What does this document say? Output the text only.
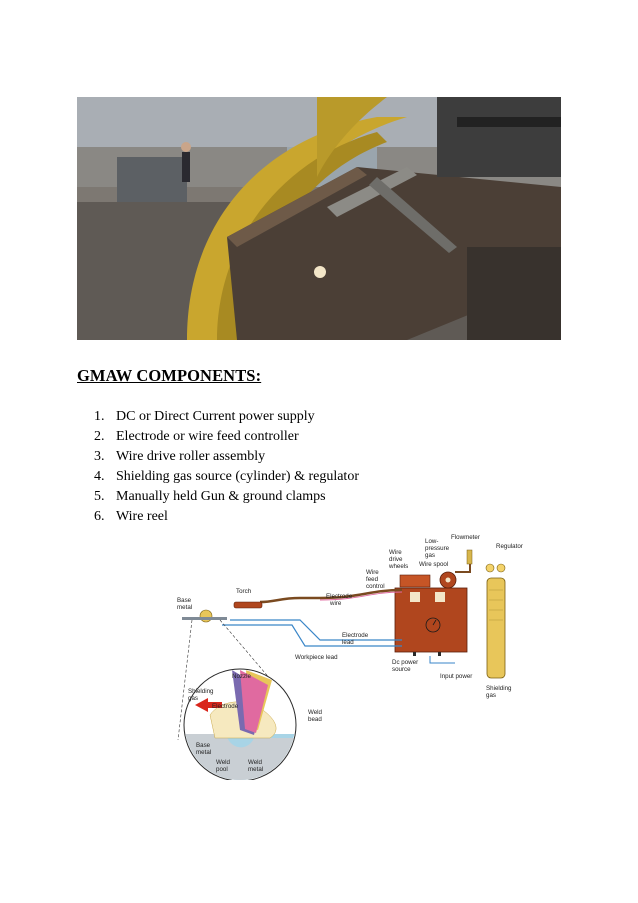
GMAW COMPONENTS:
1. DC or Direct Current power supply
2. Electrode or wire feed controller
3. Wire drive roller assembly
4. Shielding gas source (cylinder) & regulator
5. Manually held Gun & ground clamps
6. Wire reel
Flowmeter
Regulator
Low-
pressure
gas
Wire
drive
wheels Wire spool
Wire
feed
control
Torch
Base
metal
Electrode
wire
Electrode
lead
Workpiece lead
Dc power
source
Input power
Shielding
gas
Nozzle
Shielding
gas
Electrode
Weld
bead
Base
metal
Weld
pool
Weld
metal
